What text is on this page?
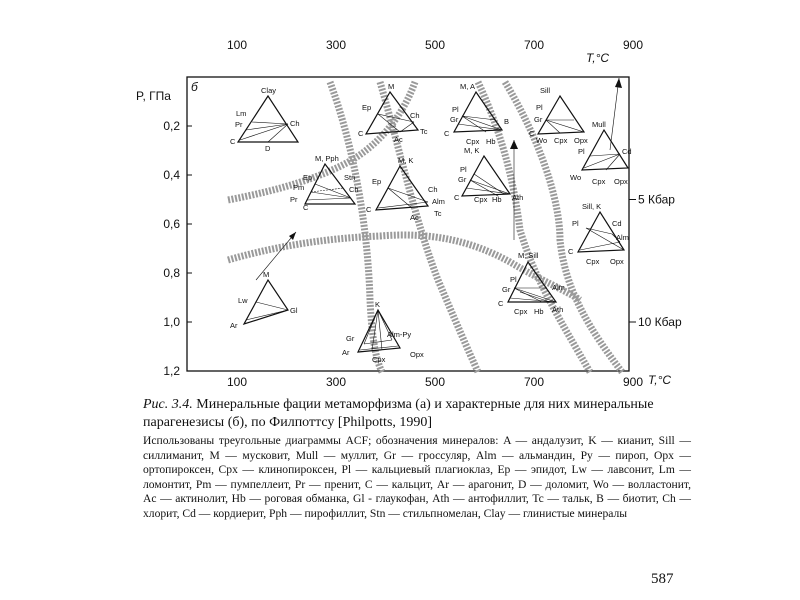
б
P, ГПа
T,°C
T,°C
100	300	500	700	900
100	300	500	700	900
0,2
0,4
0,6
0,8
1,0
1,2
5 Кбар
10 Кбар
Clay
Lm
Pr	Ch
C
D
M, Pph
Ep
Pm
Stn
Pr
C
Ch
M
Lw
Ar
Gl
M
Ep
Ch
C
Ac
Tc
M, K
Ep
Ch
Alm
C
Ac Tc
K
Gr	Alm-Py
Ar
Cpx
Opx
M, A
Pl
Gr	B
C
Cpx Hb
M, K
Pl
Gr
C Cpx Hb Ath
Sill
Pl
Gr
C
Wo Cpx Opx
Mull
Pl	Cd
Wo Cpx Opx
Sill, K
Pl	Cd
Alm
C
Cpx Opx
M, Sill
Pl
Gr	Alm
C
Cpx Hb Ath
Рис. 3.4. Минеральные фации метаморфизма (а) и характерные для них минеральные парагенезисы (б), по Филпоттсу [Philpotts, 1990]
Использованы треугольные диаграммы ACF; обозначения минералов: A — андалузит, K — кианит, Sill — силлиманит, M — мусковит, Mull — муллит, Gr — гроссуляр, Alm — альмандин, Py — пироп, Opx — ортопироксен, Cpx — клинопироксен, Pl — кальциевый плагиоклаз, Ep — эпидот, Lw — лавсонит, Lm — ломонтит, Pm — пумпеллеит, Pr — пренит, C — кальцит, Ar — арагонит, D — доломит, Wo — волластонит, Ac — актинолит, Hb — роговая обманка, Gl - глаукофан, Ath — антофиллит, Tc — тальк, B — биотит, Ch — хлорит, Cd — кордиерит, Pph — пирофиллит, Stn — стильпномелан, Clay — глинистые минералы
587
